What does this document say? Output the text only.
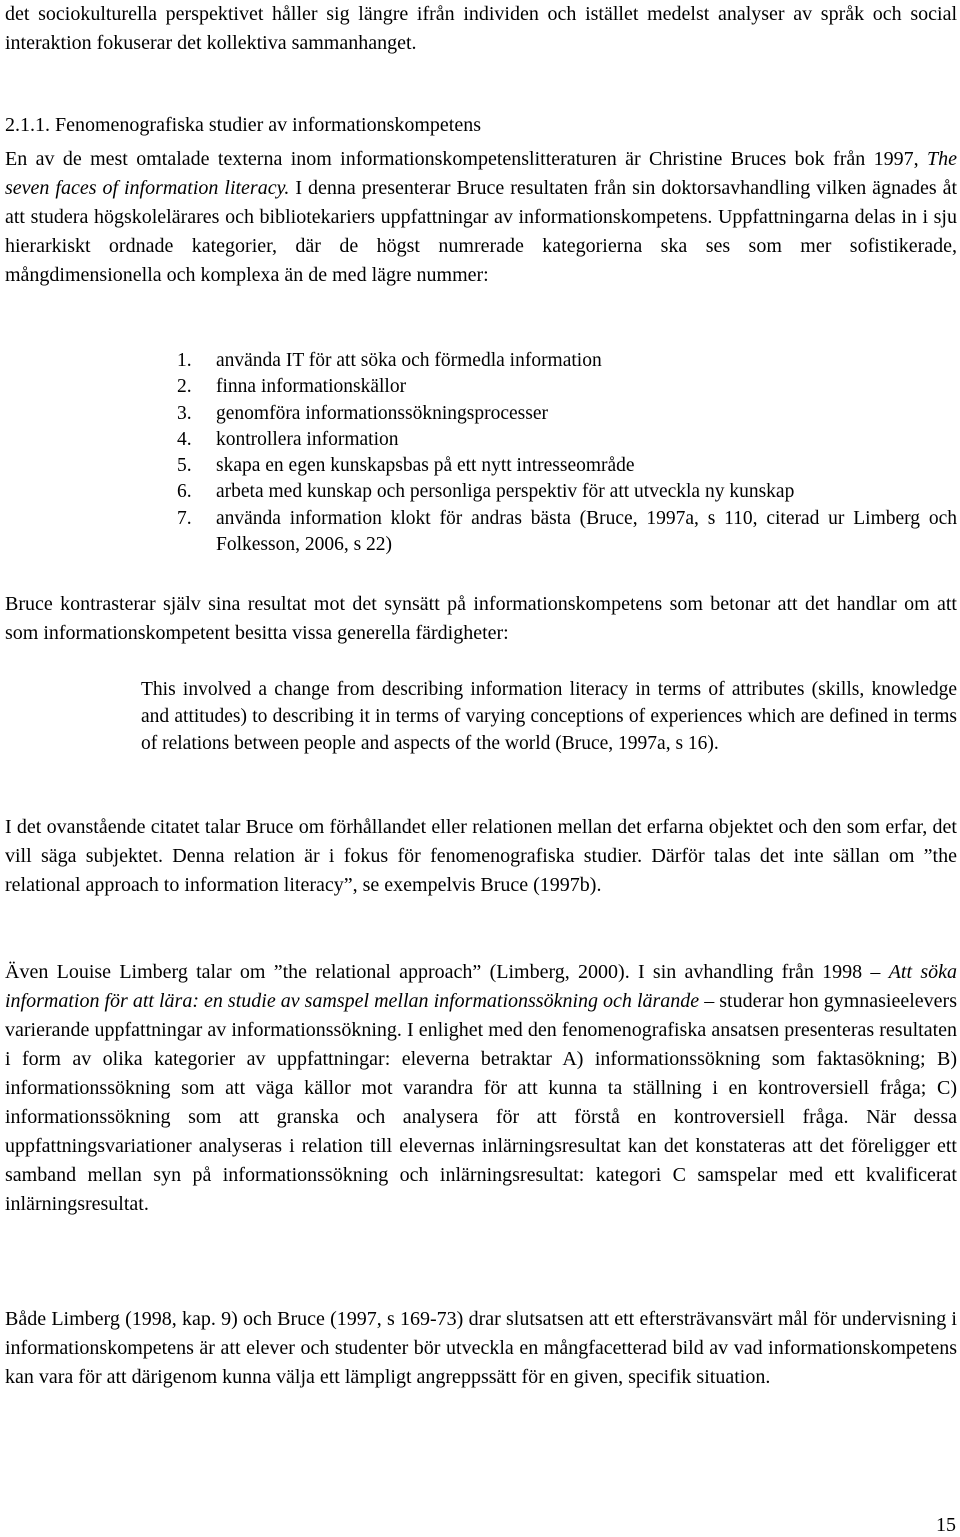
det sociokulturella perspektivet håller sig längre ifrån individen och istället medelst analyser av språk och social interaktion fokuserar det kollektiva sammanhanget.

2.1.1. Fenomenografiska studier av informationskompetens

En av de mest omtalade texterna inom informationskompetenslitteraturen är Christine Bruces bok från 1997, The seven faces of information literacy. I denna presenterar Bruce resultaten från sin doktorsavhandling vilken ägnades åt att studera högskolelärares och bibliotekariers uppfattningar av informationskompetens. Uppfattningarna delas in i sju hierarkiskt ordnade kategorier, där de högst numrerade kategorierna ska ses som mer sofistikerade, mångdimensionella och komplexa än de med lägre nummer:

1. använda IT för att söka och förmedla information
2. finna informationskällor
3. genomföra informationssökningsprocesser
4. kontrollera information
5. skapa en egen kunskapsbas på ett nytt intresseområde
6. arbeta med kunskap och personliga perspektiv för att utveckla ny kunskap
7. använda information klokt för andras bästa (Bruce, 1997a, s 110, citerad ur Limberg och Folkesson, 2006, s 22)

Bruce kontrasterar själv sina resultat mot det synsätt på informationskompetens som betonar att det handlar om att som informationskompetent besitta vissa generella färdigheter:

This involved a change from describing information literacy in terms of attributes (skills, knowledge and attitudes) to describing it in terms of varying conceptions of experiences which are defined in terms of relations between people and aspects of the world (Bruce, 1997a, s 16).

I det ovanstående citatet talar Bruce om förhållandet eller relationen mellan det erfarna objektet och den som erfar, det vill säga subjektet. Denna relation är i fokus för fenomenografiska studier. Därför talas det inte sällan om ”the relational approach to information literacy”, se exempelvis Bruce (1997b).

Även Louise Limberg talar om ”the relational approach” (Limberg, 2000). I sin avhandling från 1998 – Att söka information för att lära: en studie av samspel mellan informationssökning och lärande – studerar hon gymnasieelevers varierande uppfattningar av informationssökning. I enlighet med den fenomenografiska ansatsen presenteras resultaten i form av olika kategorier av uppfattningar: eleverna betraktar A) informationssökning som faktasökning; B) informationssökning som att väga källor mot varandra för att kunna ta ställning i en kontroversiell fråga; C) informationssökning som att granska och analysera för att förstå en kontroversiell fråga. När dessa uppfattningsvariationer analyseras i relation till elevernas inlärningsresultat kan det konstateras att det föreligger ett samband mellan syn på informationssökning och inlärningsresultat: kategori C samspelar med ett kvalificerat inlärningsresultat.

Både Limberg (1998, kap. 9) och Bruce (1997, s 169-73) drar slutsatsen att ett eftersträvansvärt mål för undervisning i informationskompetens är att elever och studenter bör utveckla en mångfacetterad bild av vad informationskompetens kan vara för att därigenom kunna välja ett lämpligt angreppssätt för en given, specifik situation.

15
